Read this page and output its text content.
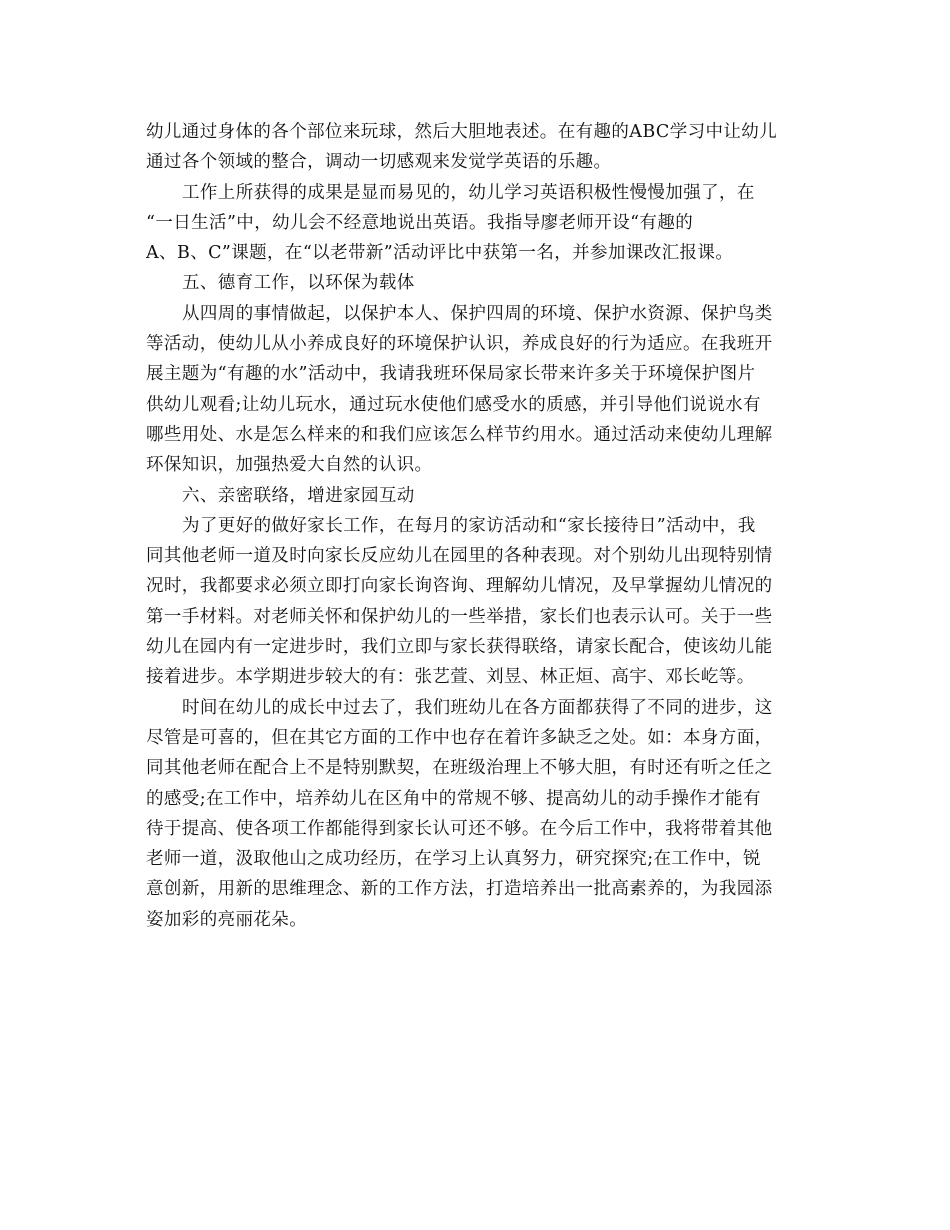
幼儿通过身体的各个部位来玩球，然后大胆地表述。在有趣的ABC学习中让幼儿
通过各个领域的整合，调动一切感观来发觉学英语的乐趣。
工作上所获得的成果是显而易见的，幼儿学习英语积极性慢慢加强了，在
“一日生活”中，幼儿会不经意地说出英语。我指导廖老师开设“有趣的
A、B、C”课题，在“以老带新”活动评比中获第一名，并参加课改汇报课。
五、德育工作，以环保为载体
从四周的事情做起，以保护本人、保护四周的环境、保护水资源、保护鸟类
等活动，使幼儿从小养成良好的环境保护认识，养成良好的行为适应。在我班开
展主题为“有趣的水”活动中，我请我班环保局家长带来许多关于环境保护图片
供幼儿观看;让幼儿玩水，通过玩水使他们感受水的质感，并引导他们说说水有
哪些用处、水是怎么样来的和我们应该怎么样节约用水。通过活动来使幼儿理解
环保知识，加强热爱大自然的认识。
六、亲密联络，增进家园互动
为了更好的做好家长工作，在每月的家访活动和“家长接待日”活动中，我
同其他老师一道及时向家长反应幼儿在园里的各种表现。对个别幼儿出现特别情
况时，我都要求必须立即打向家长询咨询、理解幼儿情况，及早掌握幼儿情况的
第一手材料。对老师关怀和保护幼儿的一些举措，家长们也表示认可。关于一些
幼儿在园内有一定进步时，我们立即与家长获得联络，请家长配合，使该幼儿能
接着进步。本学期进步较大的有：张艺萱、刘昱、林正烜、高宇、邓长屹等。
时间在幼儿的成长中过去了，我们班幼儿在各方面都获得了不同的进步，这
尽管是可喜的，但在其它方面的工作中也存在着许多缺乏之处。如：本身方面，
同其他老师在配合上不是特别默契，在班级治理上不够大胆，有时还有听之任之
的感受;在工作中，培养幼儿在区角中的常规不够、提高幼儿的动手操作才能有
待于提高、使各项工作都能得到家长认可还不够。在今后工作中，我将带着其他
老师一道，汲取他山之成功经历，在学习上认真努力，研究探究;在工作中，锐
意创新，用新的思维理念、新的工作方法，打造培养出一批高素养的，为我园添
姿加彩的亮丽花朵。
